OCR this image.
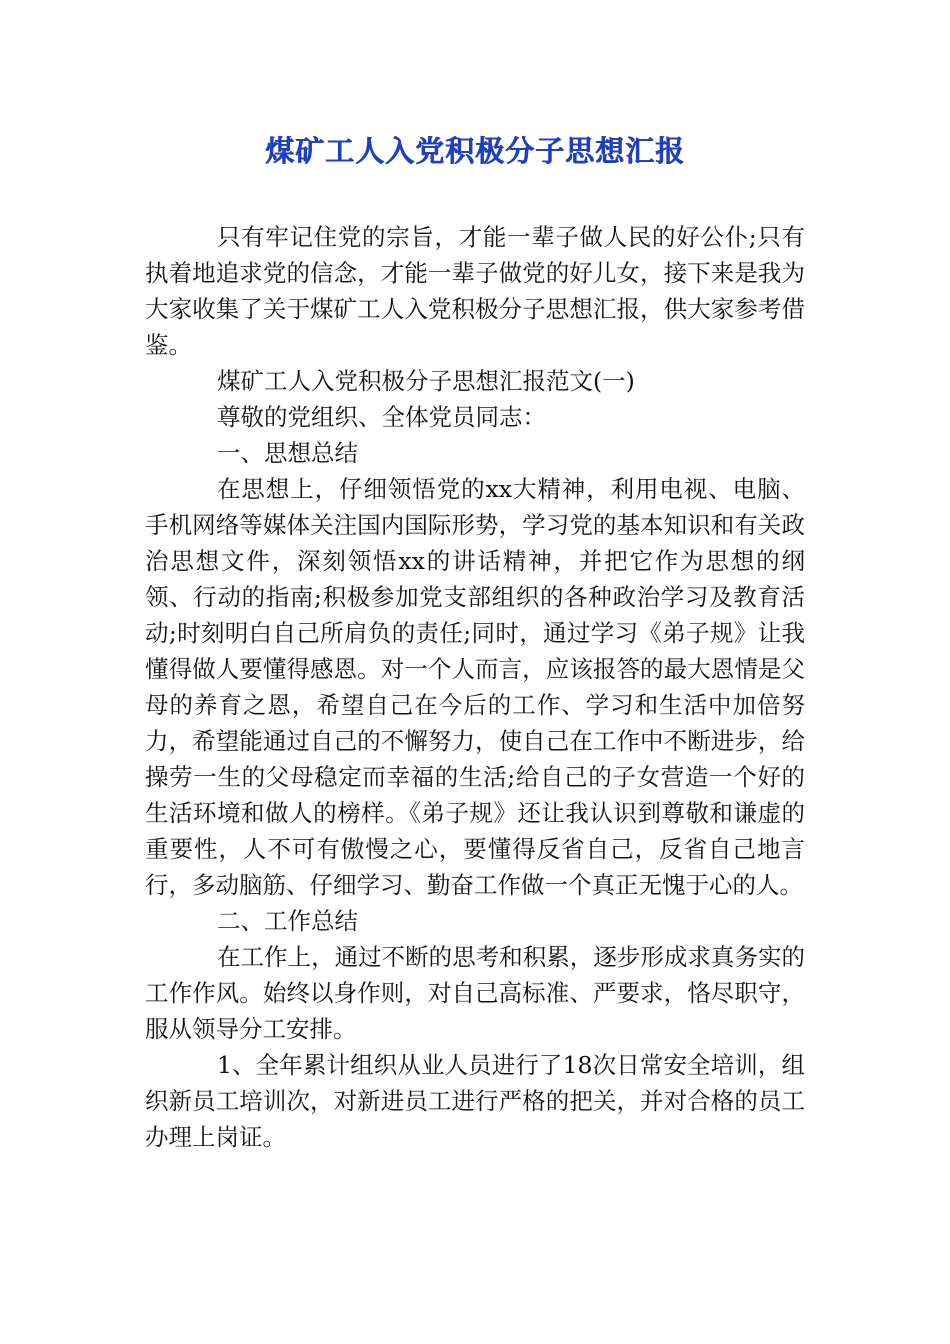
煤矿工人入党积极分子思想汇报

只有牢记住党的宗旨，才能一辈子做人民的好公仆;只有执着地追求党的信念，才能一辈子做党的好儿女，接下来是我为大家收集了关于煤矿工人入党积极分子思想汇报，供大家参考借鉴。

煤矿工人入党积极分子思想汇报范文(一)

尊敬的党组织、全体党员同志：

一、思想总结

在思想上，仔细领悟党的xx大精神，利用电视、电脑、手机网络等媒体关注国内国际形势，学习党的基本知识和有关政治思想文件，深刻领悟xx的讲话精神，并把它作为思想的纲领、行动的指南;积极参加党支部组织的各种政治学习及教育活动;时刻明白自己所肩负的责任;同时，通过学习《弟子规》让我懂得做人要懂得感恩。对一个人而言，应该报答的最大恩情是父母的养育之恩，希望自己在今后的工作、学习和生活中加倍努力，希望能通过自己的不懈努力，使自己在工作中不断进步，给操劳一生的父母稳定而幸福的生活;给自己的子女营造一个好的生活环境和做人的榜样。《弟子规》还让我认识到尊敬和谦虚的重要性，人不可有傲慢之心，要懂得反省自己，反省自己地言行，多动脑筋、仔细学习、勤奋工作做一个真正无愧于心的人。

二、工作总结

在工作上，通过不断的思考和积累，逐步形成求真务实的工作作风。始终以身作则，对自己高标准、严要求，恪尽职守，服从领导分工安排。

1、全年累计组织从业人员进行了18次日常安全培训，组织新员工培训次，对新进员工进行严格的把关，并对合格的员工办理上岗证。
